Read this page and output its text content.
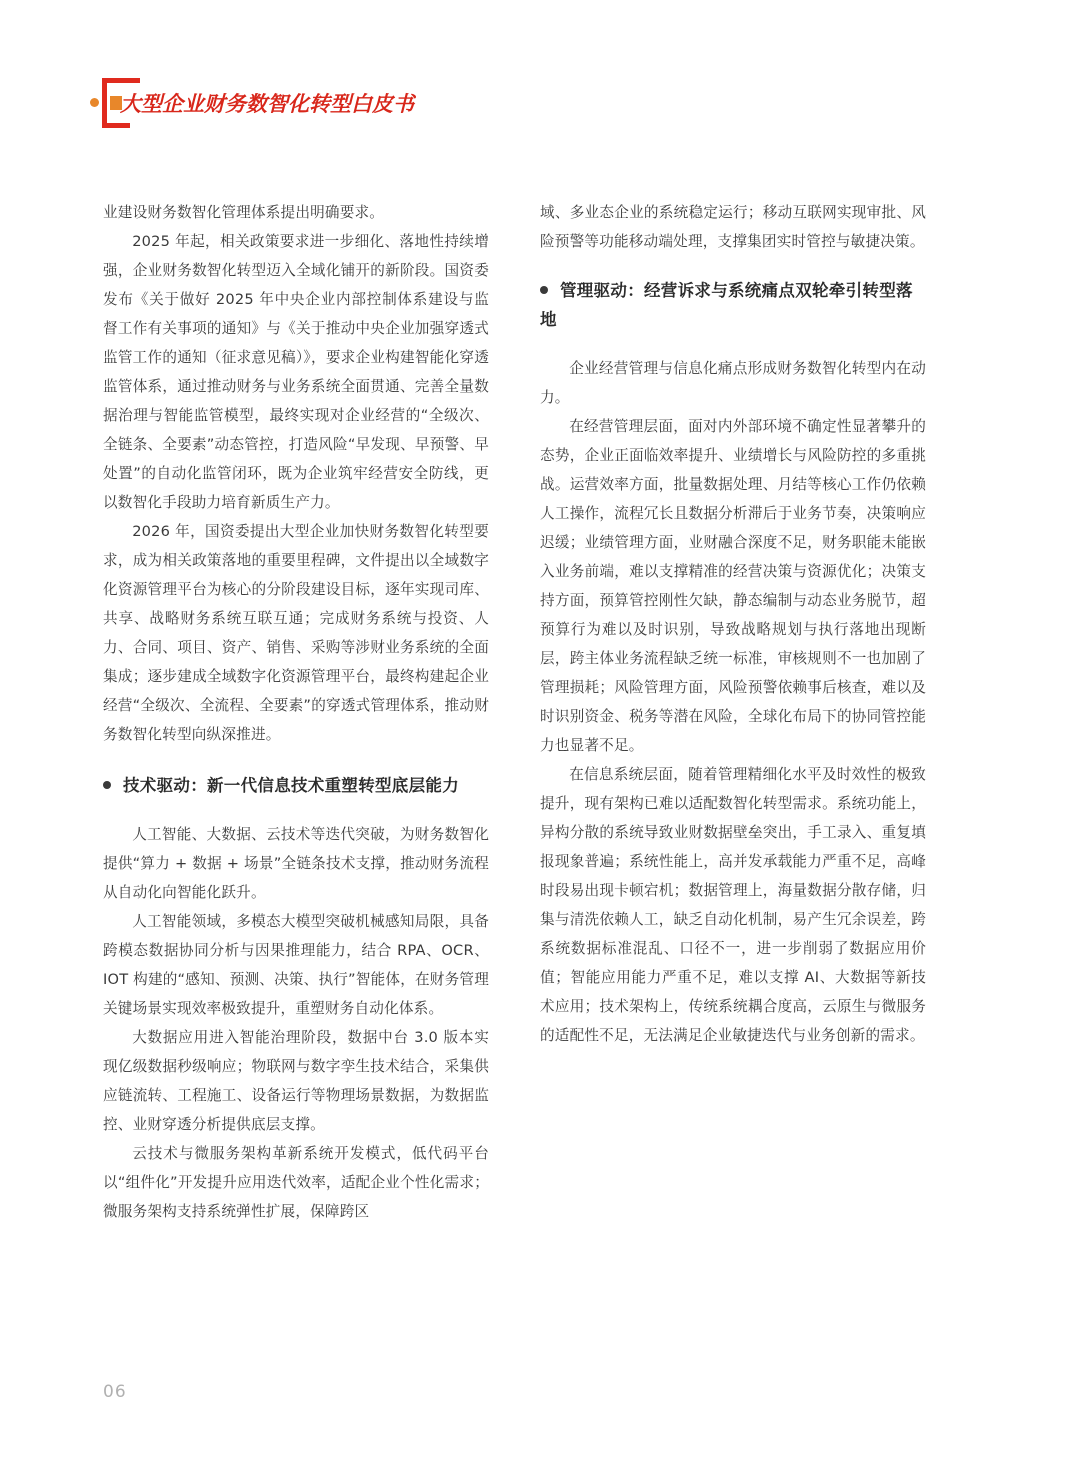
大型企业财务数智化转型白皮书

业建设财务数智化管理体系提出明确要求。

2025 年起，相关政策要求进一步细化、落地性持续增强，企业财务数智化转型迈入全域化铺开的新阶段。国资委发布《关于做好 2025 年中央企业内部控制体系建设与监督工作有关事项的通知》与《关于推动中央企业加强穿透式监管工作的通知（征求意见稿）》，要求企业构建智能化穿透监管体系，通过推动财务与业务系统全面贯通、完善全量数据治理与智能监管模型，最终实现对企业经营的“全级次、全链条、全要素”动态管控，打造风险“早发现、早预警、早处置”的自动化监管闭环，既为企业筑牢经营安全防线，更以数智化手段助力培育新质生产力。

2026 年，国资委提出大型企业加快财务数智化转型要求，成为相关政策落地的重要里程碑，文件提出以全域数字化资源管理平台为核心的分阶段建设目标，逐年实现司库、共享、战略财务系统互联互通；完成财务系统与投资、人力、合同、项目、资产、销售、采购等涉财业务系统的全面集成；逐步建成全域数字化资源管理平台，最终构建起企业经营“全级次、全流程、全要素”的穿透式管理体系，推动财务数智化转型向纵深推进。

技术驱动：新一代信息技术重塑转型底层能力

人工智能、大数据、云技术等迭代突破，为财务数智化提供“算力 + 数据 + 场景”全链条技术支撑，推动财务流程从自动化向智能化跃升。

人工智能领域，多模态大模型突破机械感知局限，具备跨模态数据协同分析与因果推理能力，结合 RPA、OCR、IOT 构建的“感知、预测、决策、执行”智能体，在财务管理关键场景实现效率极致提升，重塑财务自动化体系。

大数据应用进入智能治理阶段，数据中台 3.0 版本实现亿级数据秒级响应；物联网与数字孪生技术结合，采集供应链流转、工程施工、设备运行等物理场景数据，为数据监控、业财穿透分析提供底层支撑。

云技术与微服务架构革新系统开发模式，低代码平台以“组件化”开发提升应用迭代效率，适配企业个性化需求；微服务架构支持系统弹性扩展，保障跨区

域、多业态企业的系统稳定运行；移动互联网实现审批、风险预警等功能移动端处理，支撑集团实时管控与敏捷决策。

管理驱动：经营诉求与系统痛点双轮牵引转型落地

企业经营管理与信息化痛点形成财务数智化转型内在动力。

在经营管理层面，面对内外部环境不确定性显著攀升的态势，企业正面临效率提升、业绩增长与风险防控的多重挑战。运营效率方面，批量数据处理、月结等核心工作仍依赖人工操作，流程冗长且数据分析滞后于业务节奏，决策响应迟缓；业绩管理方面，业财融合深度不足，财务职能未能嵌入业务前端，难以支撑精准的经营决策与资源优化；决策支持方面，预算管控刚性欠缺，静态编制与动态业务脱节，超预算行为难以及时识别，导致战略规划与执行落地出现断层，跨主体业务流程缺乏统一标准，审核规则不一也加剧了管理损耗；风险管理方面，风险预警依赖事后核查，难以及时识别资金、税务等潜在风险，全球化布局下的协同管控能力也显著不足。

在信息系统层面，随着管理精细化水平及时效性的极致提升，现有架构已难以适配数智化转型需求。系统功能上，异构分散的系统导致业财数据壁垒突出，手工录入、重复填报现象普遍；系统性能上，高并发承载能力严重不足，高峰时段易出现卡顿宕机；数据管理上，海量数据分散存储，归集与清洗依赖人工，缺乏自动化机制，易产生冗余误差，跨系统数据标准混乱、口径不一，进一步削弱了数据应用价值；智能应用能力严重不足，难以支撑 AI、大数据等新技术应用；技术架构上，传统系统耦合度高，云原生与微服务的适配性不足，无法满足企业敏捷迭代与业务创新的需求。

06
